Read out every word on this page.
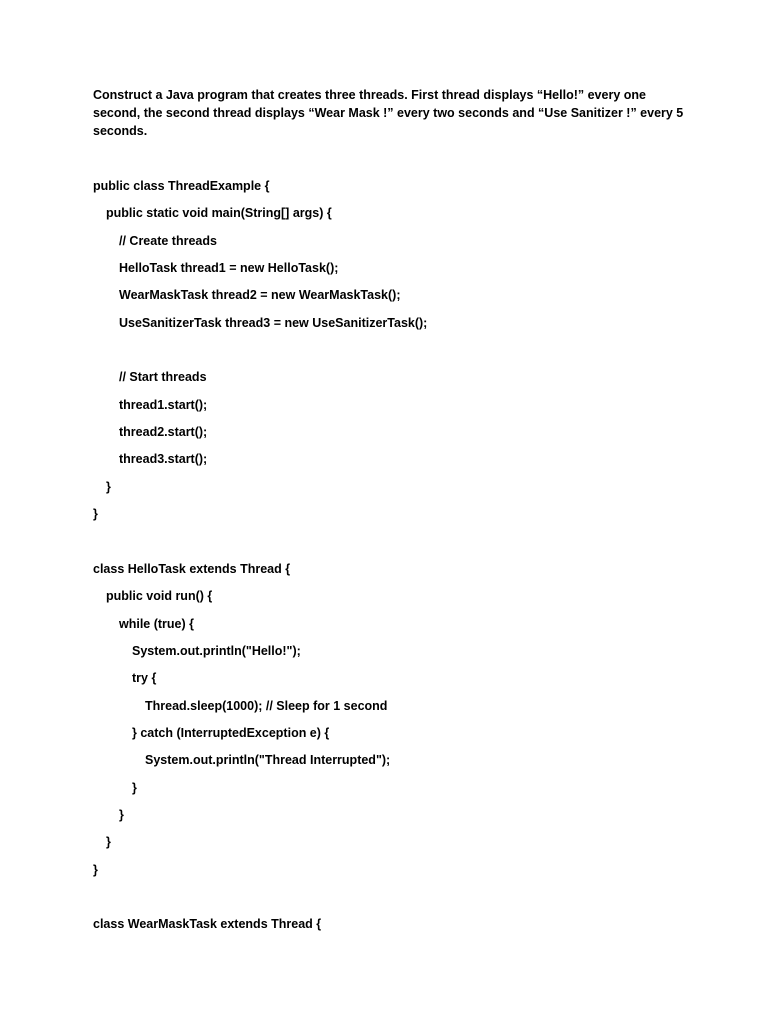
Construct a Java program that creates three threads. First thread displays “Hello!” every one second, the second thread displays “Wear Mask !” every two seconds and “Use Sanitizer !” every 5 seconds.

public class ThreadExample {
public static void main(String[] args) {
// Create threads
HelloTask thread1 = new HelloTask();
WearMaskTask thread2 = new WearMaskTask();
UseSanitizerTask thread3 = new UseSanitizerTask();
// Start threads
thread1.start();
thread2.start();
thread3.start();
}
}
class HelloTask extends Thread {
public void run() {
while (true) {
System.out.println("Hello!");
try {
Thread.sleep(1000); // Sleep for 1 second
} catch (InterruptedException e) {
System.out.println("Thread Interrupted");
}
}
}
}
class WearMaskTask extends Thread {
